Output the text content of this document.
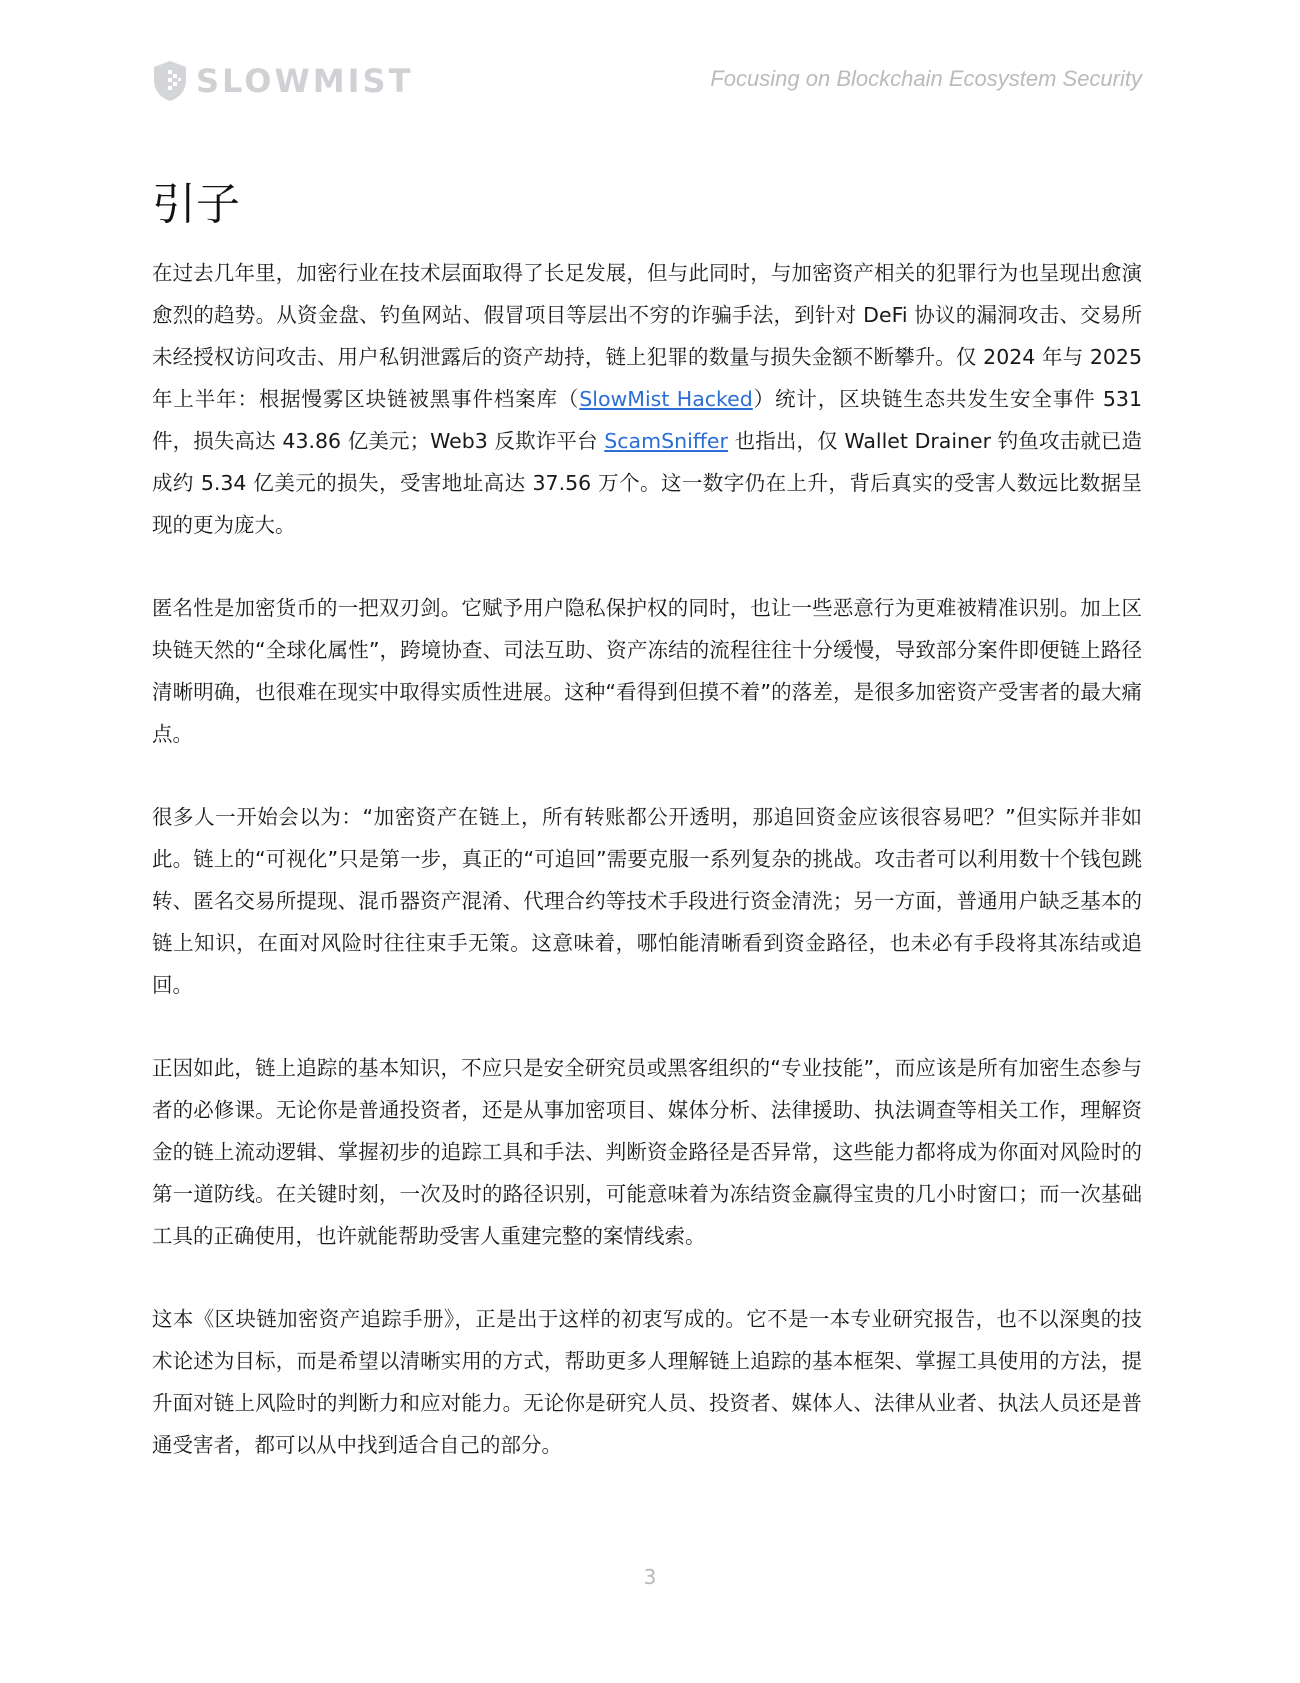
SLOWMIST	Focusing on Blockchain Ecosystem Security
引子

在过去几年里，加密行业在技术层面取得了长足发展，但与此同时，与加密资产相关的犯罪行为也呈现出愈演愈烈的趋势。从资金盘、钓鱼网站、假冒项目等层出不穷的诈骗手法，到针对 DeFi 协议的漏洞攻击、交易所未经授权访问攻击、用户私钥泄露后的资产劫持，链上犯罪的数量与损失金额不断攀升。仅 2024 年与 2025 年上半年：根据慢雾区块链被黑事件档案库（SlowMist Hacked）统计，区块链生态共发生安全事件 531 件，损失高达 43.86 亿美元；Web3 反欺诈平台 ScamSniffer 也指出，仅 Wallet Drainer 钓鱼攻击就已造成约 5.34 亿美元的损失，受害地址高达 37.56 万个。这一数字仍在上升，背后真实的受害人数远比数据呈现的更为庞大。

匿名性是加密货币的一把双刃剑。它赋予用户隐私保护权的同时，也让一些恶意行为更难被精准识别。加上区块链天然的“全球化属性”，跨境协查、司法互助、资产冻结的流程往往十分缓慢，导致部分案件即便链上路径清晰明确，也很难在现实中取得实质性进展。这种“看得到但摸不着”的落差，是很多加密资产受害者的最大痛点。

很多人一开始会以为：“加密资产在链上，所有转账都公开透明，那追回资金应该很容易吧？”但实际并非如此。链上的“可视化”只是第一步，真正的“可追回”需要克服一系列复杂的挑战。攻击者可以利用数十个钱包跳转、匿名交易所提现、混币器资产混淆、代理合约等技术手段进行资金清洗；另一方面，普通用户缺乏基本的链上知识，在面对风险时往往束手无策。这意味着，哪怕能清晰看到资金路径，也未必有手段将其冻结或追回。

正因如此，链上追踪的基本知识，不应只是安全研究员或黑客组织的“专业技能”，而应该是所有加密生态参与者的必修课。无论你是普通投资者，还是从事加密项目、媒体分析、法律援助、执法调查等相关工作，理解资金的链上流动逻辑、掌握初步的追踪工具和手法、判断资金路径是否异常，这些能力都将成为你面对风险时的第一道防线。在关键时刻，一次及时的路径识别，可能意味着为冻结资金赢得宝贵的几小时窗口；而一次基础工具的正确使用，也许就能帮助受害人重建完整的案情线索。

这本《区块链加密资产追踪手册》，正是出于这样的初衷写成的。它不是一本专业研究报告，也不以深奥的技术论述为目标，而是希望以清晰实用的方式，帮助更多人理解链上追踪的基本框架、掌握工具使用的方法，提升面对链上风险时的判断力和应对能力。无论你是研究人员、投资者、媒体人、法律从业者、执法人员还是普通受害者，都可以从中找到适合自己的部分。

3
